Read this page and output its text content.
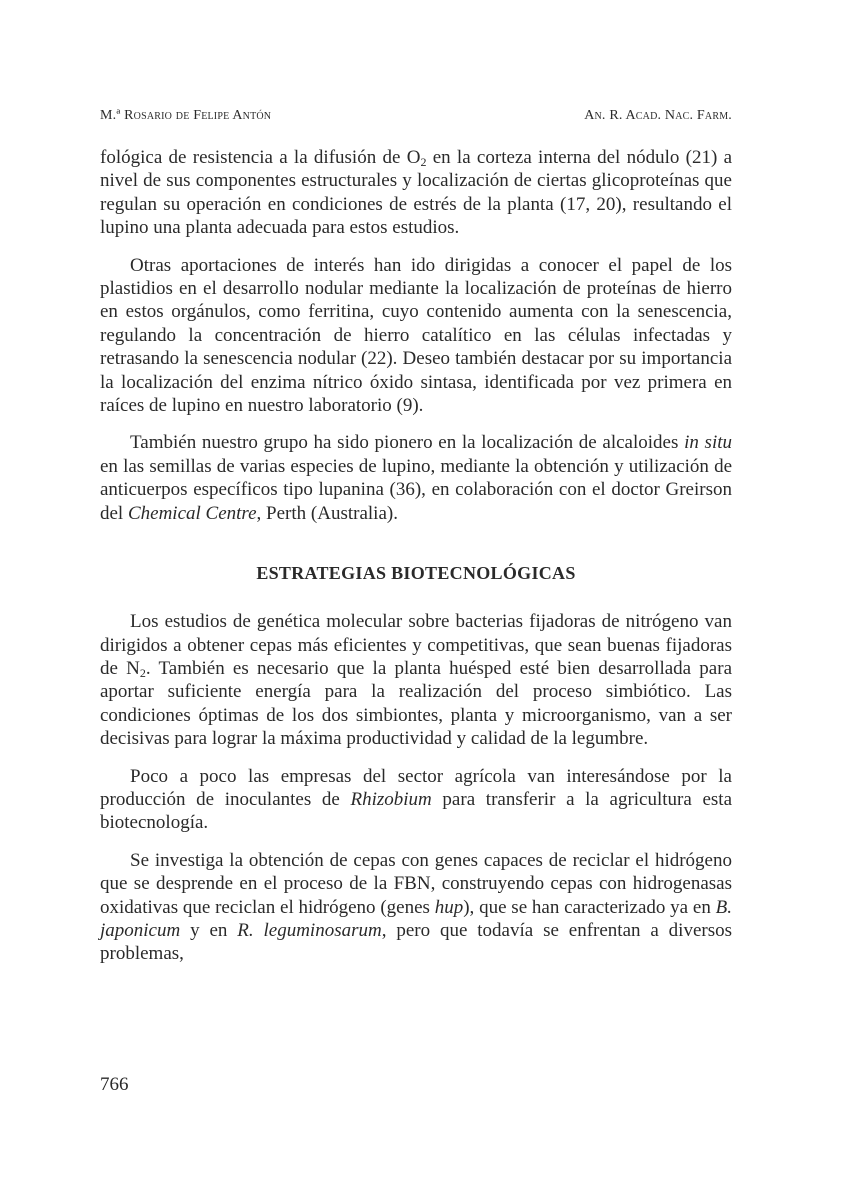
M.ª Rosario de Felipe Antón	An. R. Acad. Nac. Farm.

fológica de resistencia a la difusión de $O_2$ en la corteza interna del nódulo (21) a nivel de sus componentes estructurales y localización de ciertas glicoproteínas que regulan su operación en condiciones de estrés de la planta (17, 20), resultando el lupino una planta adecuada para estos estudios.

Otras aportaciones de interés han ido dirigidas a conocer el papel de los plastidios en el desarrollo nodular mediante la localización de proteínas de hierro en estos orgánulos, como ferritina, cuyo contenido aumenta con la senescencia, regulando la concentración de hierro catalítico en las células infectadas y retrasando la senescencia nodular (22). Deseo también destacar por su importancia la localización del enzima nítrico óxido sintasa, identificada por vez primera en raíces de lupino en nuestro laboratorio (9).

También nuestro grupo ha sido pionero en la localización de alcaloides in situ en las semillas de varias especies de lupino, mediante la obtención y utilización de anticuerpos específicos tipo lupanina (36), en colaboración con el doctor Greirson del Chemical Centre, Perth (Australia).

ESTRATEGIAS BIOTECNOLÓGICAS

Los estudios de genética molecular sobre bacterias fijadoras de nitrógeno van dirigidos a obtener cepas más eficientes y competitivas, que sean buenas fijadoras de $N_2$. También es necesario que la planta huésped esté bien desarrollada para aportar suficiente energía para la realización del proceso simbiótico. Las condiciones óptimas de los dos simbiontes, planta y microorganismo, van a ser decisivas para lograr la máxima productividad y calidad de la legumbre.

Poco a poco las empresas del sector agrícola van interesándose por la producción de inoculantes de Rhizobium para transferir a la agricultura esta biotecnología.

Se investiga la obtención de cepas con genes capaces de reciclar el hidrógeno que se desprende en el proceso de la FBN, construyendo cepas con hidrogenasas oxidativas que reciclan el hidrógeno (genes hup), que se han caracterizado ya en B. japonicum y en R. leguminosarum, pero que todavía se enfrentan a diversos problemas,

766
